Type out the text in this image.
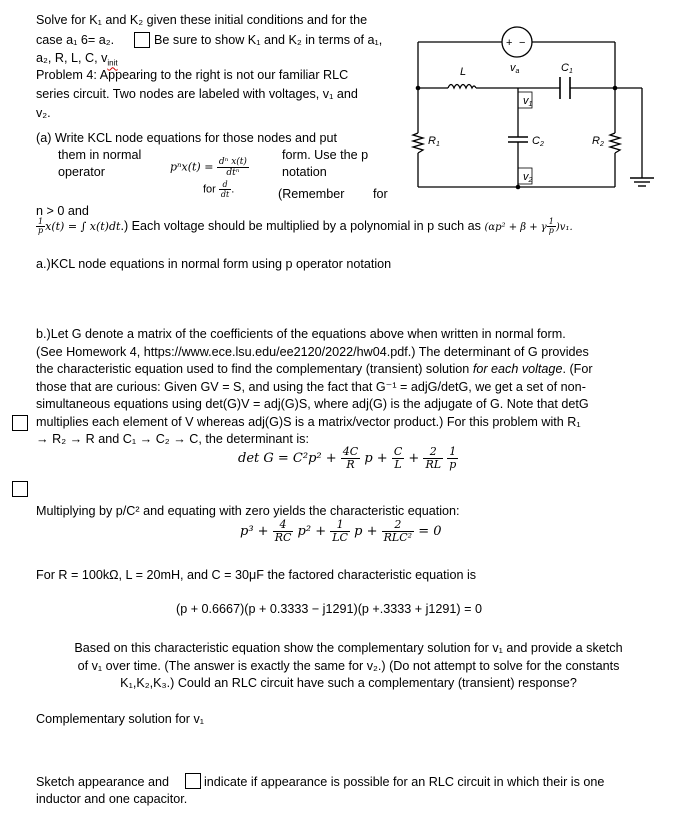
Solve for K₁ and K₂ given these initial conditions and for the
case a₁ 6= a₂.	Be sure to show K₁ and K₂ in terms of a₁,
a₂, R, L, C, $v_{init}$
Problem 4: Appearing to the right is not our familiar RLC
series circuit. Two nodes are labeled with voltages, v₁ and
v₂.
(a) Write KCL node equations for those nodes and put
them in normal	form. Use the p
operator	$p^nx(t) = \frac{\text{dⁿ x(t)}}{\text{dtⁿ}}$	notation
for $\frac{d}{dt}$ .	(Remember for
n > 0 and
$\frac{1}{p} x(t)$ = ∫ x(t)dt.) Each voltage should be multiplied by a polynomial in p such as (αp² + β + γ $\frac{1}{p} )v_1$.
a.)KCL node equations in normal form using p operator notation
b.)Let G denote a matrix of the coefficients of the equations above when written in normal form.
(See Homework 4, https://www.ece.lsu.edu/ee2120/2022/hw04.pdf.) The determinant of G provides
the characteristic equation used to find the complementary (transient) solution for each voltage. (For
those that are curious: Given GV = S, and using the fact that G⁻¹ = adjG/detG, we get a set of non-
simultaneous equations using det(G)V = adj(G)S, where adj(G) is the adjugate of G. Note that detG
multiplies each element of V whereas adj(G)S is a matrix/vector product.) For this problem with R₁
→ R₂ → R and C₁ → C₂ → C, the determinant is:
$\det G = C^2p^2 + \frac{4C}{R}$ $p + \frac{C}{L} + \frac{2}{RL}$
$\frac{1}{p}$
Multiplying by p/C² and equating with zero yields the characteristic equation:
$p^3 + \frac{4}{RC} p^2 + \frac{1}{LC}$ $p + \frac{2}{\text{RLC²}} = 0$
For R = 100kΩ, L = 20mH, and C = 30μF the factored characteristic equation is
(p + 0.6667)(p + 0.3333 − j1291)(p +.3333 + j1291) = 0
Based on this characteristic equation show the complementary solution for v₁ and provide a sketch
of v₁ over time. (The answer is exactly the same for v₂.) (Do not attempt to solve for the constants
K₁,K₂,K₃.) Could an RLC circuit have such a complementary (transient) response?
Complementary solution for v₁
Sketch appearance and	indicate if appearance is possible for an RLC circuit in which their is one
inductor and one capacitor.
+ −
va
L	C1
v1
R1	C2	R2
v2
